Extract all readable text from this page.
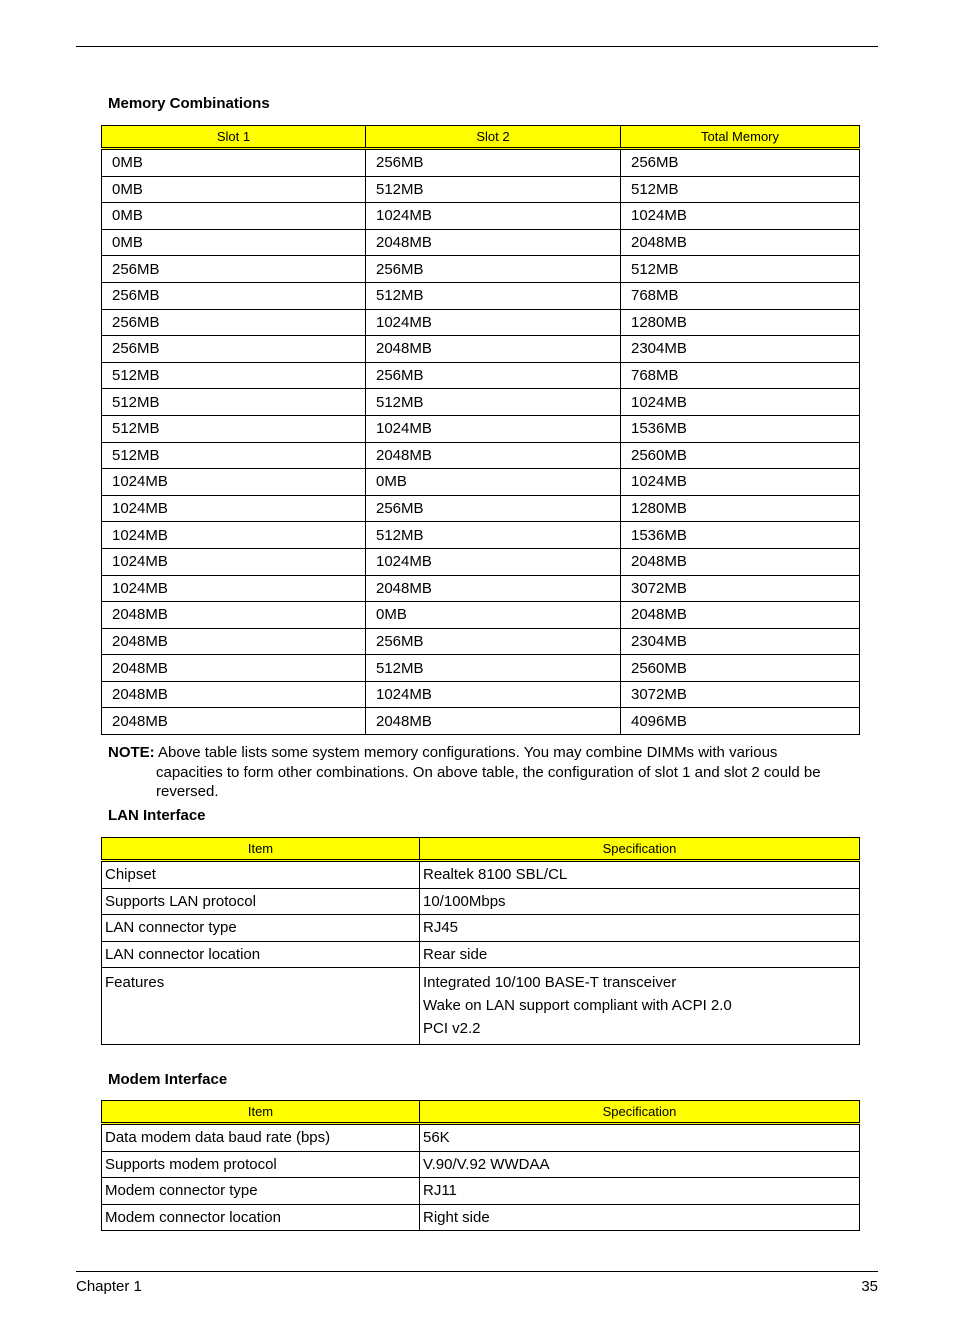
Memory Combinations
Slot 1	Slot 2	Total Memory
0MB	256MB	256MB
0MB	512MB	512MB
0MB	1024MB	1024MB
0MB	2048MB	2048MB
256MB	256MB	512MB
256MB	512MB	768MB
256MB	1024MB	1280MB
256MB	2048MB	2304MB
512MB	256MB	768MB
512MB	512MB	1024MB
512MB	1024MB	1536MB
512MB	2048MB	2560MB
1024MB	0MB	1024MB
1024MB	256MB	1280MB
1024MB	512MB	1536MB
1024MB	1024MB	2048MB
1024MB	2048MB	3072MB
2048MB	0MB	2048MB
2048MB	256MB	2304MB
2048MB	512MB	2560MB
2048MB	1024MB	3072MB
2048MB	2048MB	4096MB
NOTE: Above table lists some system memory configurations. You may combine DIMMs with various
capacities to form other combinations. On above table, the configuration of slot 1 and slot 2 could be
reversed.
LAN Interface
Item	Specification
Chipset	Realtek 8100 SBL/CL

Supports LAN protocol	10/100Mbps

LAN connector type	RJ45

LAN connector location	Rear side

Features	Integrated 10/100 BASE-T transceiver
Wake on LAN support compliant with ACPI 2.0
PCI v2.2
Modem Interface
Item	Specification
Data modem data baud rate (bps)	56K

Supports modem protocol	V.90/V.92 WWDAA

Modem connector type	RJ11

Modem connector location	Right side
Chapter 1	35
